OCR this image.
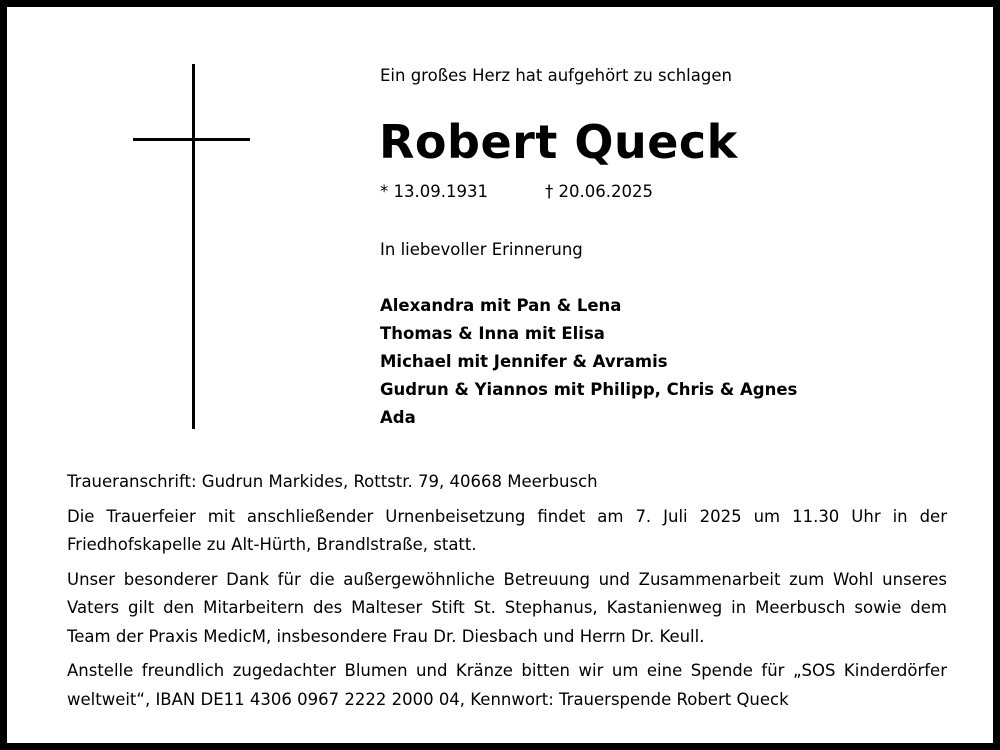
Ein großes Herz hat aufgehört zu schlagen
Robert Queck
* 13.09.1931	† 20.06.2025
In liebevoller Erinnerung
Alexandra mit Pan & Lena
Thomas & Inna mit Elisa
Michael mit Jennifer & Avramis
Gudrun & Yiannos mit Philipp, Chris & Agnes
Ada

Traueranschrift: Gudrun Markides, Rottstr. 79, 40668 Meerbusch

Die Trauerfeier mit anschließender Urnenbeisetzung findet am 7. Juli 2025 um 11.30 Uhr in der Friedhofskapelle zu Alt-Hürth, Brandlstraße, statt.

Unser besonderer Dank für die außergewöhnliche Betreuung und Zusammenarbeit zum Wohl unseres Vaters gilt den Mitarbeitern des Malteser Stift St. Stephanus, Kastanienweg in Meerbusch sowie dem Team der Praxis MedicM, insbesondere Frau Dr. Diesbach und Herrn Dr. Keull.

Anstelle freundlich zugedachter Blumen und Kränze bitten wir um eine Spende für „SOS Kinderdörfer weltweit“, IBAN DE11 4306 0967 2222 2000 04, Kennwort: Trauerspende Robert Queck
